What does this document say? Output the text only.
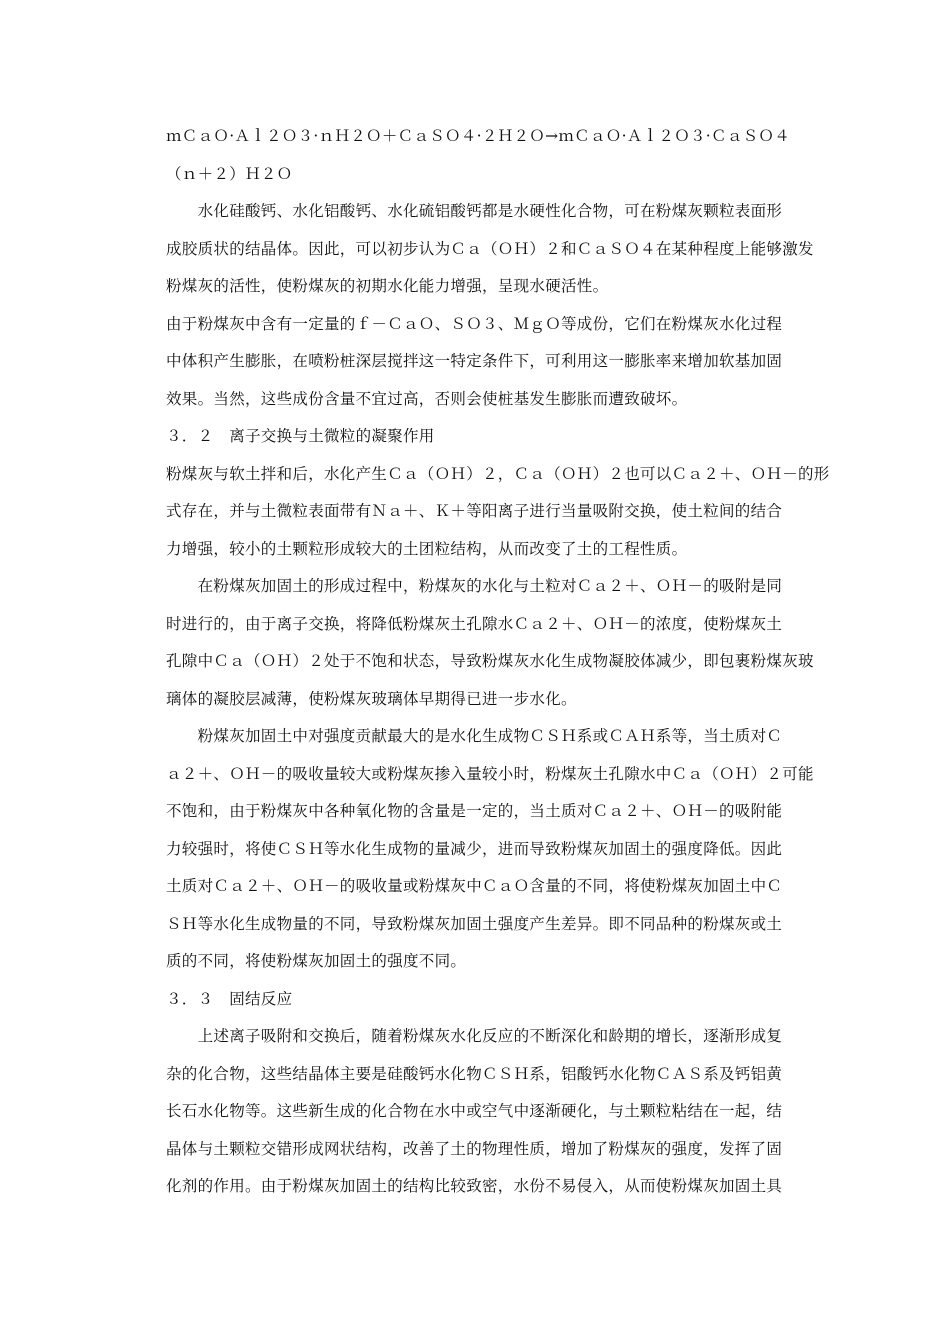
ｍＣａＯ·Ａｌ２Ｏ３·ｎＨ２Ｏ＋ＣａＳＯ４·２Ｈ２Ｏ→ｍＣａＯ·Ａｌ２Ｏ３·ＣａＳＯ４
（ｎ＋２）Ｈ２Ｏ
　　水化硅酸钙、水化铝酸钙、水化硫铝酸钙都是水硬性化合物，可在粉煤灰颗粒表面形
成胶质状的结晶体。因此，可以初步认为Ｃａ（ＯＨ）２和ＣａＳＯ４在某种程度上能够激发
粉煤灰的活性，使粉煤灰的初期水化能力增强，呈现水硬活性。
由于粉煤灰中含有一定量的ｆ－ＣａＯ、ＳＯ３、ＭｇＯ等成份，它们在粉煤灰水化过程
中体积产生膨胀，在喷粉桩深层搅拌这一特定条件下，可利用这一膨胀率来增加软基加固
效果。当然，这些成份含量不宜过高，否则会使桩基发生膨胀而遭致破坏。
３．２　离子交换与土微粒的凝聚作用
粉煤灰与软土拌和后，水化产生Ｃａ（ＯＨ）２，Ｃａ（ＯＨ）２也可以Ｃａ２＋、ＯＨ－的形
式存在，并与土微粒表面带有Ｎａ＋、Ｋ＋等阳离子进行当量吸附交换，使土粒间的结合
力增强，较小的土颗粒形成较大的土团粒结构，从而改变了土的工程性质。
　　在粉煤灰加固土的形成过程中，粉煤灰的水化与土粒对Ｃａ２＋、ＯＨ－的吸附是同
时进行的，由于离子交换，将降低粉煤灰土孔隙水Ｃａ２＋、ＯＨ－的浓度，使粉煤灰土
孔隙中Ｃａ（ＯＨ）２处于不饱和状态，导致粉煤灰水化生成物凝胶体减少，即包裹粉煤灰玻
璃体的凝胶层减薄，使粉煤灰玻璃体早期得已进一步水化。
　　粉煤灰加固土中对强度贡献最大的是水化生成物ＣＳＨ系或ＣＡＨ系等，当土质对Ｃ
ａ２＋、ＯＨ－的吸收量较大或粉煤灰掺入量较小时，粉煤灰土孔隙水中Ｃａ（ＯＨ）２可能
不饱和，由于粉煤灰中各种氧化物的含量是一定的，当土质对Ｃａ２＋、ＯＨ－的吸附能
力较强时，将使ＣＳＨ等水化生成物的量减少，进而导致粉煤灰加固土的强度降低。因此
土质对Ｃａ２＋、ＯＨ－的吸收量或粉煤灰中ＣａＯ含量的不同，将使粉煤灰加固土中Ｃ
ＳＨ等水化生成物量的不同，导致粉煤灰加固土强度产生差异。即不同品种的粉煤灰或土
质的不同，将使粉煤灰加固土的强度不同。
３．３　固结反应
　　上述离子吸附和交换后，随着粉煤灰水化反应的不断深化和龄期的增长，逐渐形成复
杂的化合物，这些结晶体主要是硅酸钙水化物ＣＳＨ系，铝酸钙水化物ＣＡＳ系及钙铝黄
长石水化物等。这些新生成的化合物在水中或空气中逐渐硬化，与土颗粒粘结在一起，结
晶体与土颗粒交错形成网状结构，改善了土的物理性质，增加了粉煤灰的强度，发挥了固
化剂的作用。由于粉煤灰加固土的结构比较致密，水份不易侵入，从而使粉煤灰加固土具
